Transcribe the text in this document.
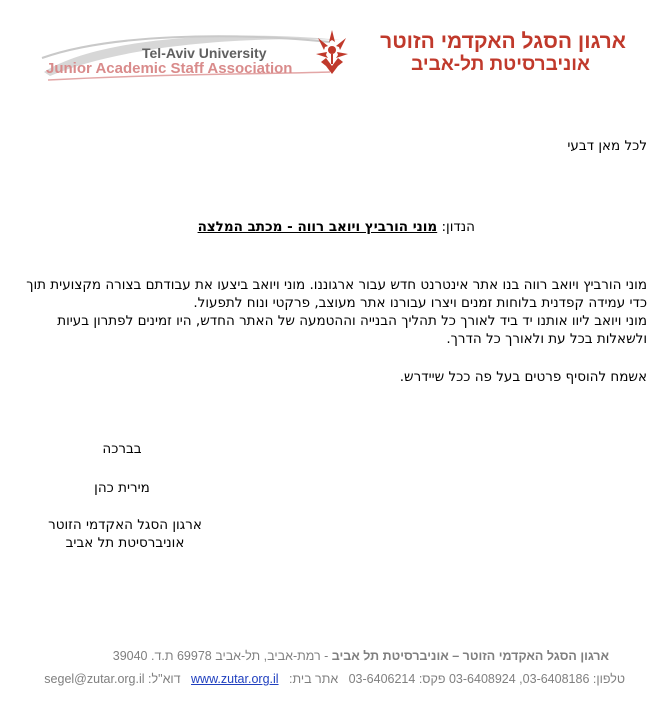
Tel-Aviv University
Junior Academic Staff Association
ארגון הסגל האקדמי הזוטר
אוניברסיטת תל-אביב
לכל מאן דבעי
הנדון: מוני הורביץ ויואב רווה - מכתב המלצה

מוני הורביץ ויואב רווה בנו אתר אינטרנט חדש עבור ארגוננו. מוני ויואב ביצעו את עבודתם בצורה מקצועית תוך כדי עמידה קפדנית בלוחות זמנים ויצרו עבורנו אתר מעוצב, פרקטי ונוח לתפעול.

מוני ויואב ליוו אותנו יד ביד לאורך כל תהליך הבנייה וההטמעה של האתר החדש, היו זמינים לפתרון בעיות ולשאלות בכל עת ולאורך כל הדרך.

אשמח להוסיף פרטים בעל פה ככל שיידרש.
בברכה
מירית כהן
ארגון הסגל האקדמי הזוטר
אוניברסיטת תל אביב
ארגון הסגל האקדמי הזוטר – אוניברסיטת תל אביב - רמת-אביב, תל-אביב 69978 ת.ד. 39040
טלפון: 03-6408924 ,03-6408186 פקס: 03-6406214   אתר בית:   www.zutar.org.il   דוא"ל: segel@zutar.org.il
